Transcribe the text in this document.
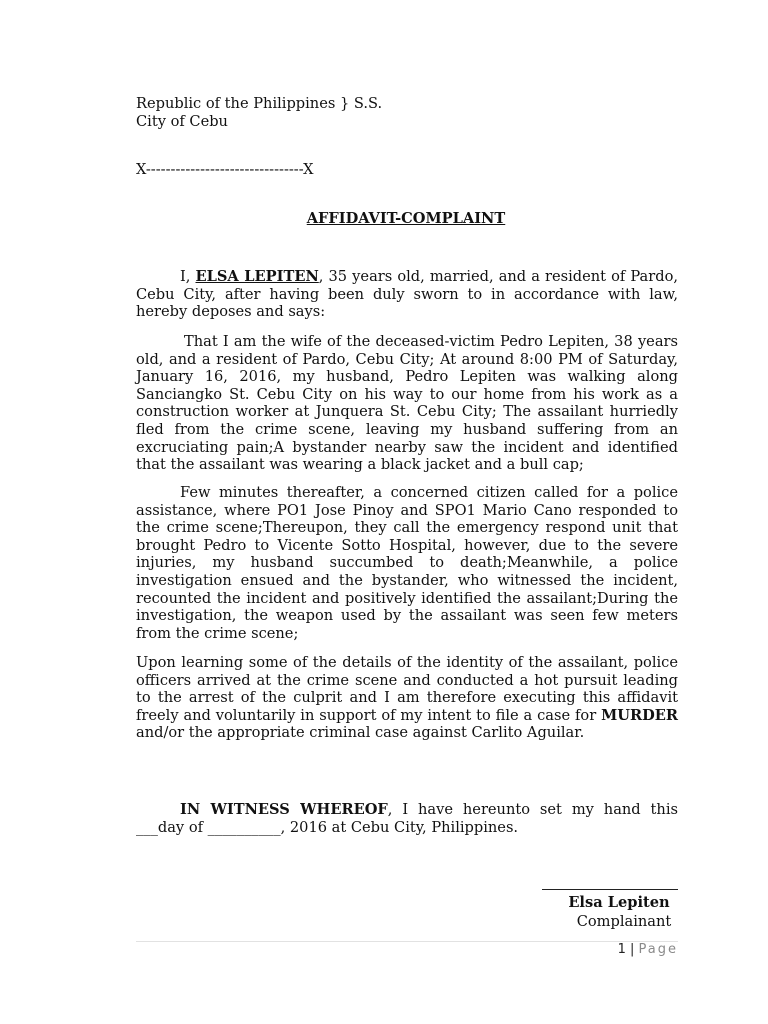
Republic of the Philippines } S.S.
City of Cebu
X--------------------------------X
AFFIDAVIT-COMPLAINT
I, ELSA LEPITEN, 35 years old, married, and a resident of Pardo, Cebu City, after having been duly sworn to in accordance with law, hereby deposes and says:
That I am the wife of the deceased-victim Pedro Lepiten, 38 years old, and a resident of Pardo, Cebu City; At around 8:00 PM of Saturday, January 16, 2016, my husband, Pedro Lepiten was walking along Sanciangko St. Cebu City on his way to our home from his work as a construction worker at Junquera St. Cebu City; The assailant hurriedly fled from the crime scene, leaving my husband suffering from an excruciating pain;A bystander nearby saw the incident and identified that the assailant was wearing a black jacket and a bull cap;
Few minutes thereafter, a concerned citizen called for a police assistance, where PO1 Jose Pinoy and SPO1 Mario Cano responded to the crime scene;Thereupon, they call the emergency respond unit that brought Pedro to Vicente Sotto Hospital, however, due to the severe injuries, my husband succumbed to death;Meanwhile, a police investigation ensued and the bystander, who witnessed the incident, recounted the incident and positively identified the assailant;During the investigation, the weapon used by the assailant was seen few meters from the crime scene;
Upon learning some of the details of the identity of the assailant, police officers arrived at the crime scene and conducted a hot pursuit leading to the arrest of the culprit and I am therefore executing this affidavit freely and voluntarily in support of my intent to file a case for MURDER and/or the appropriate criminal case against Carlito Aguilar.
IN WITNESS WHEREOF, I have hereunto set my hand this ___day of __________, 2016 at Cebu City, Philippines.
Elsa Lepiten
Complainant
1 | Page
